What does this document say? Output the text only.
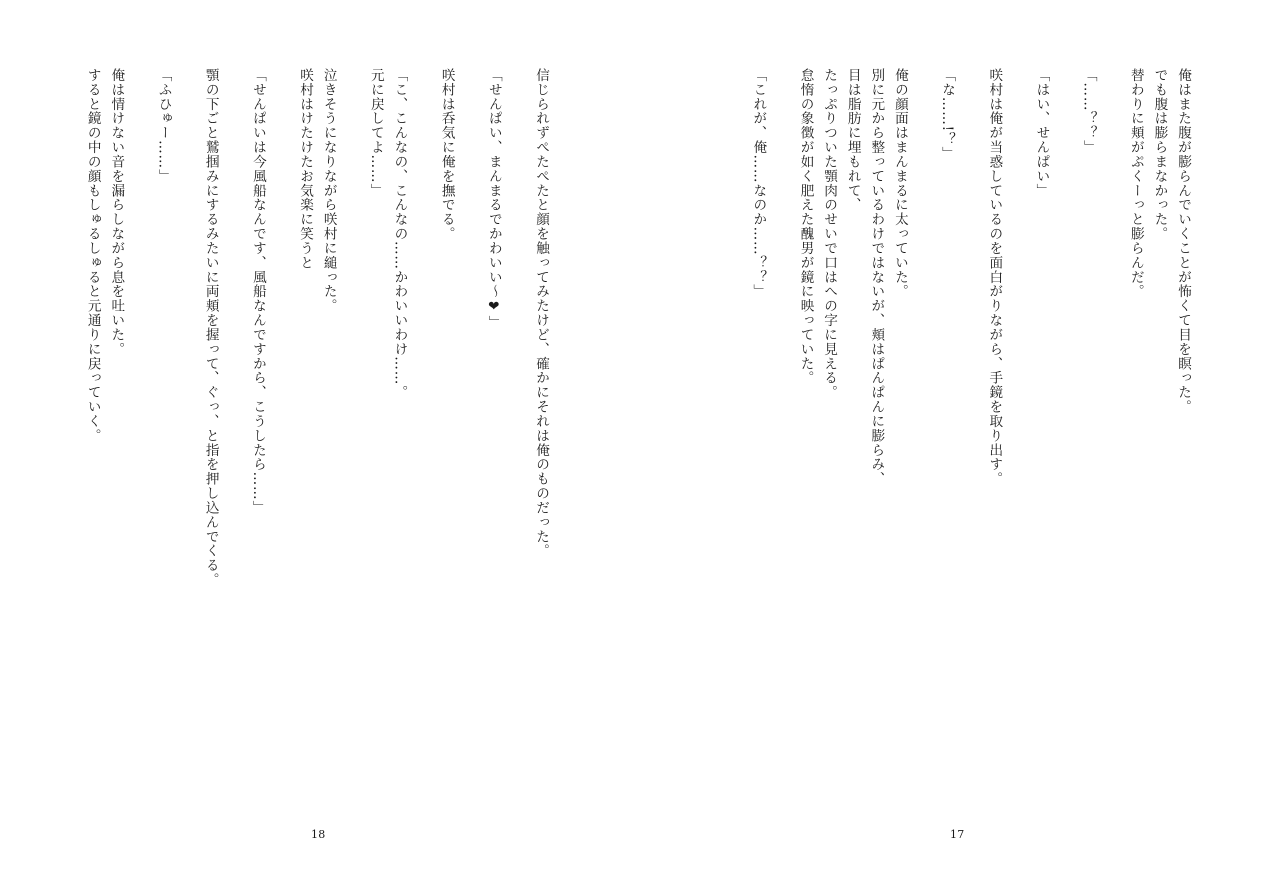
信じられずぺたぺたと顔を触ってみたけど、確かにそれは俺のものだった。

「せんぱい、まんまるでかわいい〜❤」

咲村は呑気に俺を撫でる。

「こ、こんなの、こんなの……かわいいわけ……。
元に戻してよ……」

泣きそうになりながら咲村に縋った。
咲村はけたけたお気楽に笑うと

「せんぱいは今風船なんです、風船なんですから、こうしたら……」

顎の下ごと鷲掴みにするみたいに両頬を握って、ぐっ、と指を押し込んでくる。

「ふひゅー……」

俺は情けない音を漏らしながら息を吐いた。
すると鏡の中の顔もしゅるしゅると元通りに戻っていく。
18
俺はまた腹が膨らんでいくことが怖くて目を瞑った。
でも腹は膨らまなかった。
替わりに頬がぷくーっと膨らんだ。

「……？？」

「はい、せんぱい」

咲村は俺が当惑しているのを面白がりながら、手鏡を取り出す。

「な……!？」

俺の顔面はまんまるに太っていた。
別に元から整っているわけではないが、頬はぱんぱんに膨らみ、
目は脂肪に埋もれて、
たっぷりついた顎肉のせいで口はへの字に見える。
怠惰の象徴が如く肥えた醜男が鏡に映っていた。

「これが、俺……なのか……？？」
17
